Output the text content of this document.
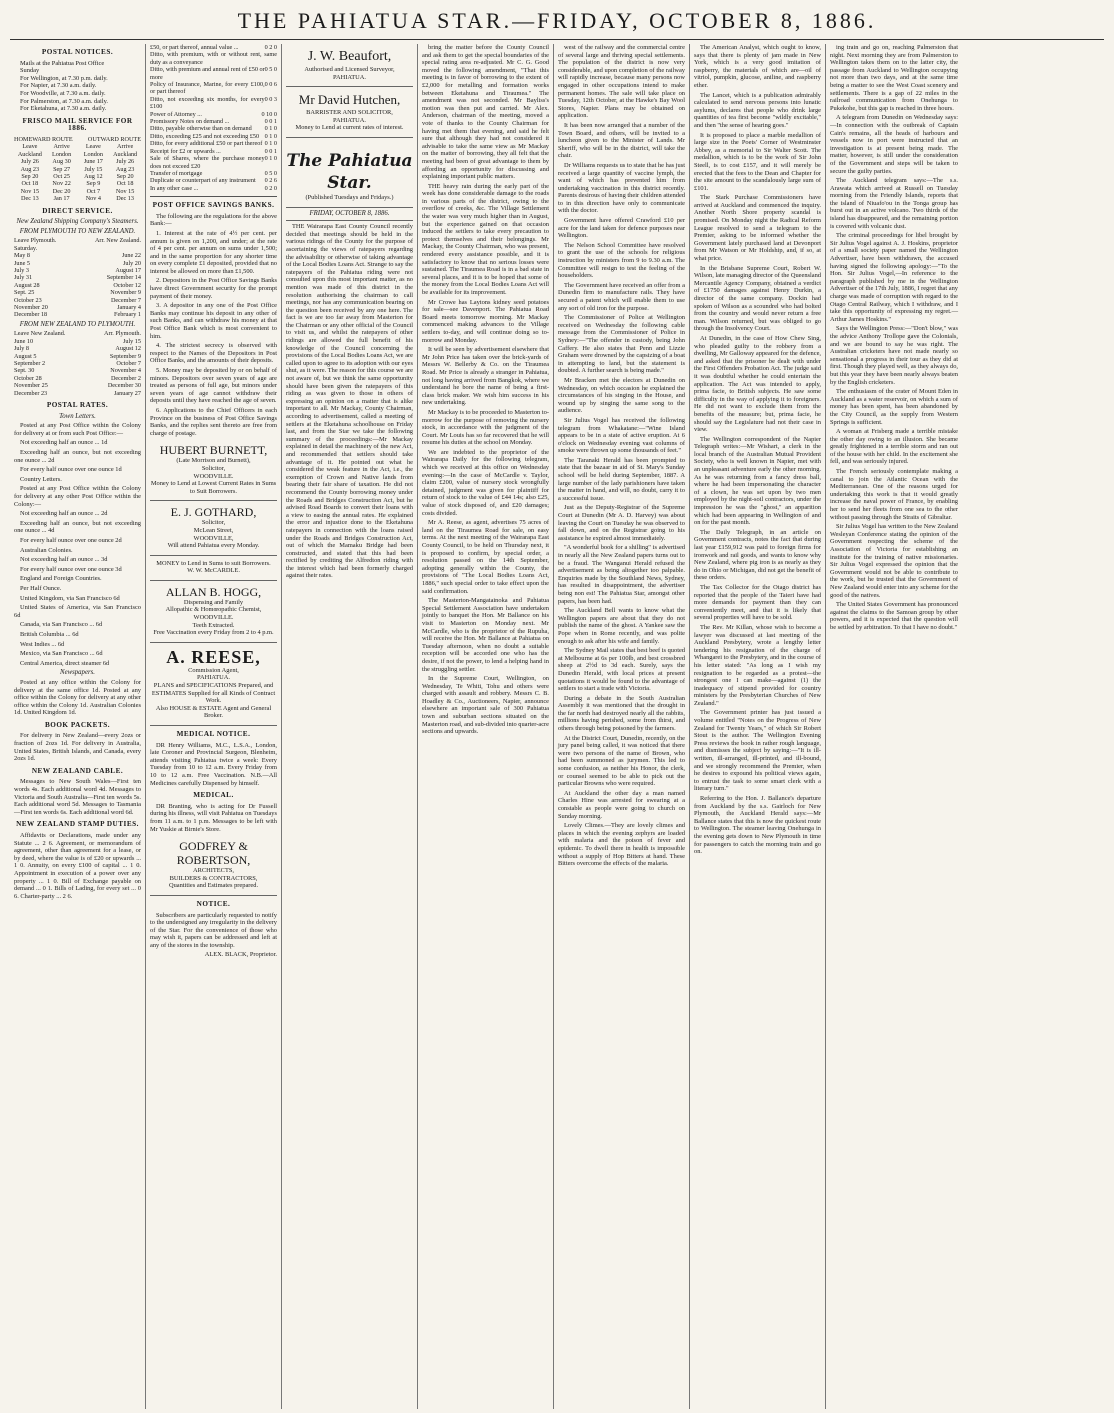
THE PAHIATUA STAR.—FRIDAY, OCTOBER 8, 1886.
POSTAL NOTICES.
Mails at the Pahiatua Post Office
Sunday
For Wellington, at 7.30 p.m. daily.
For Napier, at 7.30 a.m. daily.
For Woodville, at 7.30 a.m. daily.
For Palmerston, at 7.30 a.m. daily.
For Eketahuna, at 7.30 a.m. daily.
FRISCO MAIL SERVICE FOR 1886.
HOMEWARD ROUTE OUTWARD ROUTE
Leave	Arrive	Leave	Arrive
Auckland	London	London	Auckland
July 26	Aug 30	June 17	July 26
Aug 23	Sep 27	July 15	Aug 23
Sep 20	Oct 25	Aug 12	Sep 20
Oct 18	Nov 22	Sep 9	Oct 18
Nov 15	Dec 20	Oct 7	Nov 15
Dec 13	Jan 17	Nov 4	Dec 13
DIRECT SERVICE.
New Zealand Shipping Company's Steamers.
FROM PLYMOUTH TO NEW ZEALAND.
Leave Plymouth.	Arr. New Zealand.
Saturday.
May 8	June 22
June 5	July 20
July 3	August 17
July 31	September 14
August 28	October 12
Sept. 25	November 9
October 23	December 7
November 20	January 4
December 18	February 1
FROM NEW ZEALAND TO PLYMOUTH.
Leave New Zealand.	Arr. Plymouth.
June 10	July 15
July 8	August 12
August 5	September 9
September 2	October 7
Sept. 30	November 4
October 28	December 2
November 25	December 30
December 23	January 27
POSTAL RATES.
Town Letters.

Posted at any Post Office within the Colony for delivery at or from such Post Office:—

Not exceeding half an ounce ... 1d

Exceeding half an ounce, but not exceeding one ounce ... 2d

For every half ounce over one ounce 1d

Country Letters.

Posted at any Post Office within the Colony for delivery at any other Post Office within the Colony:—

Not exceeding half an ounce ... 2d

Exceeding half an ounce, but not exceeding one ounce ... 4d

For every half ounce over one ounce 2d

Australian Colonies.

Not exceeding half an ounce ... 3d

For every half ounce over one ounce 3d

England and Foreign Countries.

Per Half Ounce.

United Kingdom, via San Francisco 6d

United States of America, via San Francisco 6d

Canada, via San Francisco ... 6d

British Columbia ... 6d

West Indies ... 6d

Mexico, via San Francisco ... 6d

Central America, direct steamer 6d

Newspapers.

Posted at any office within the Colony for delivery at the same office 1d. Posted at any office within the Colony for delivery at any other office within the Colony 1d. Australian Colonies 1d. United Kingdom 1d.

BOOK PACKETS.

For delivery in New Zealand—every 2ozs or fraction of 2ozs 1d. For delivery in Australia, United States, British Islands, and Canada, every 2ozs 1d.

NEW ZEALAND CABLE.

Messages to New South Wales—First ten words 4s. Each additional word 4d. Messages to Victoria and South Australia—First ten words 5s. Each additional word 5d. Messages to Tasmania—First ten words 6s. Each additional word 6d.

NEW ZEALAND STAMP DUTIES.

Affidavits or Declarations, made under any Statute ... 2 6. Agreement, or memorandum of agreement, other than agreement for a lease, or by deed, where the value is of £20 or upwards ... 1 0. Annuity, on every £100 of capital ... 1 0. Appointment in execution of a power over any property ... 1 0. Bill of Exchange payable on demand ... 0 1. Bills of Lading, for every set ... 0 6. Charter-party ... 2 6.

£50, or part thereof, annual value ...	0 2 0
Ditto, with premium, with or without rent, same duty as a conveyance
Ditto, with premium and annual rent of £50 or more
0 5 0
Policy of Insurance, Marine, for every £100, or part thereof
0 0 6
Ditto, not exceeding six months, for every £100
0 0 3
Power of Attorney ...	0 10 0
Promissory Notes on demand ...	0 0 1
Ditto, payable otherwise than on demand	0 1 0
Ditto, exceeding £25 and not exceeding £50 0 1 0
Ditto, for every additional £50 or part thereof 0 1 0
Receipt for £2 or upwards ...	0 0 1
Sale of Shares, where the purchase money does not exceed £20
0 1 0
Transfer of mortgage	0 5 0
Duplicate or counterpart of any instrument	0 2 6
In any other case ...	0 2 0
POST OFFICE SAVINGS BANKS.

The following are the regulations for the above Bank:—

1. Interest at the rate of 4½ per cent. per annum is given on 1,200, and under; at the rate of 4 per cent. per annum on sums under 1,500; and in the same proportion for any shorter time on every complete £1 deposited, provided that no interest be allowed on more than £1,500.

2. Depositors in the Post Office Savings Banks have direct Government security for the prompt payment of their money.

3. A depositor in any one of the Post Office Banks may continue his deposit in any other of such Banks, and can withdraw his money at that Post Office Bank which is most convenient to him.

4. The strictest secrecy is observed with respect to the Names of the Depositors in Post Office Banks, and the amounts of their deposits.

5. Money may be deposited by or on behalf of minors. Depositors over seven years of age are treated as persons of full age, but minors under seven years of age cannot withdraw their deposits until they have reached the age of seven.

6. Applications to the Chief Officers in each Province on the business of Post Office Savings Banks, and the replies sent thereto are free from charge of postage.

HUBERT BURNETT,
(Late Morrison and Burnett),
Solicitor,
WOODVILLE.
Money to Lend at Lowest Current Rates in Sums to Suit Borrowers.
E. J. GOTHARD,
Solicitor,
McLean Street,
WOODVILLE,
Will attend Pahiatua every Monday.
MONEY to Lend in Sums to suit Borrowers.
W. W. McCARDLE.
ALLAN B. HOGG,
Dispensing and Family
Allopathic & Homœopathic Chemist,
WOODVILLE.
Teeth Extracted.
Free Vaccination every Friday from 2 to 4 p.m.
A. REESE,
Commission Agent,
PAHIATUA.
PLANS and SPECIFICATIONS Prepared, and ESTIMATES Supplied for all Kinds of Contract Work.
Also HOUSE & ESTATE Agent and General Broker.
MEDICAL NOTICE.

DR Henry Williams, M.C., L.S.A., London, late Coroner and Provincial Surgeon, Blenheim, attends visiting Pahiatua twice a week: Every Tuesday from 10 to 12 a.m. Every Friday from 10 to 12 a.m. Free Vaccination. N.B.—All Medicines carefully Dispensed by himself.

MEDICAL.

DR Branting, who is acting for Dr Fussell during his illness, will visit Pahiatua on Tuesdays from 11 a.m. to 1 p.m. Messages to be left with Mr Yuskie at Birnie's Store.

GODFREY & ROBERTSON,
ARCHITECTS,
BUILDERS & CONTRACTORS,
Quantities and Estimates prepared.
NOTICE.

Subscribers are particularly requested to notify to the undersigned any irregularity in the delivery of the Star. For the convenience of those who may wish it, papers can be addressed and left at any of the stores in the township.

ALEX. BLACK, Proprietor.

J. W. Beaufort,
Authorised and Licensed Surveyor,
PAHIATUA.
Mr David Hutchen,
BARRISTER AND SOLICITOR,
PAHIATUA.
Money to Lend at current rates of interest.
The Pahiatua Star.
(Published Tuesdays and Fridays.)
FRIDAY, OCTOBER 8, 1886.

THE Wairarapa East County Council recently decided that meetings should be held in the various ridings of the County for the purpose of ascertaining the views of ratepayers regarding the advisability or otherwise of taking advantage of the Local Bodies Loans Act. Strange to say the ratepayers of the Pahiatua riding were not consulted upon this most important matter, as no mention was made of this district in the resolution authorising the chairman to call meetings, nor has any communication bearing on the question been received by any one here. The fact is we are too far away from Masterton for the Chairman or any other official of the Council to visit us, and whilst the ratepayers of other ridings are allowed the full benefit of his knowledge of the Council concerning the provisions of the Local Bodies Loans Act, we are called upon to agree to its adoption with our eyes shut, as it were. The reason for this course we are not aware of, but we think the same opportunity should have been given the ratepayers of this riding as was given to those in others of expressing an opinion on a matter that is alike important to all. Mr Mackay, County Chairman, according to advertisement, called a meeting of settlers at the Eketahuna schoolhouse on Friday last, and from the Star we take the following summary of the proceedings:—Mr Mackay explained in detail the machinery of the new Act, and recommended that settlers should take advantage of it. He pointed out what he considered the weak feature in the Act, i.e., the exemption of Crown and Native lands from bearing their fair share of taxation. He did not recommend the County borrowing money under the Roads and Bridges Construction Act, but he advised Road Boards to convert their loans with a view to easing the annual rates. He explained the error and injustice done to the Eketahuna ratepayers in connection with the loans raised under the Roads and Bridges Construction Act, out of which the Mamaku Bridge had been constructed, and stated that this had been rectified by crediting the Alfredton riding with the interest which had been formerly charged against their rates.

bring the matter before the County Council and ask them to get the special boundaries of the special rating area re-adjusted. Mr C. G. Good moved the following amendment, "That this meeting is in favor of borrowing to the extent of £2,000 for metalling and formation works between Eketahuna and Tiraumea." The amendment was not seconded. Mr Bayliss's motion was then put and carried. Mr Alex. Anderson, chairman of the meeting, moved a vote of thanks to the County Chairman for having met them that evening, and said he felt sure that although they had not considered it advisable to take the same view as Mr Mackay on the matter of borrowing, they all felt that the meeting had been of great advantage to them by affording an opportunity for discussing and explaining important public matters.

THE heavy rain during the early part of the week has done considerable damage to the roads in various parts of the district, owing to the overflow of creeks, &c. The Village Settlement the water was very much higher than in August, but the experience gained on that occasion induced the settlers to take every precaution to protect themselves and their belongings. Mr Mackay, the County Chairman, who was present, rendered every assistance possible, and it is satisfactory to know that no serious losses were sustained. The Tiraumea Road is in a bad state in several places, and it is to be hoped that some of the money from the Local Bodies Loans Act will be available for its improvement.

Mr Crowe has Laytons kidney seed potatoes for sale—see Davenport. The Pahiatua Road Board meets tomorrow morning. Mr Mackay commenced making advances to the Village settlers to-day, and will continue doing so to-morrow and Monday.

It will be seen by advertisement elsewhere that Mr John Price has taken over the brick-yards of Messrs W. Bellerby & Co. on the Tiraumea Road. Mr Price is already a stranger in Pahiatua, not long having arrived from Bangkok, where we understand he bore the name of being a first-class brick maker. We wish him success in his new undertaking.

Mr Mackay is to be proceeded to Masterton to-morrow for the purpose of removing the nursery stock, in accordance with the judgment of the Court. Mr Louis has so far recovered that he will resume his duties at the school on Monday.

We are indebted to the proprietor of the Wairarapa Daily for the following telegram, which we received at this office on Wednesday evening:—In the case of McCardle v. Taylor, claim £200, value of nursery stock wrongfully detained, judgment was given for plaintiff for return of stock to the value of £44 14s; also £25, value of stock disposed of, and £20 damages; costs divided.

Mr A. Reese, as agent, advertises 75 acres of land on the Tiraumea Road for sale, on easy terms. At the next meeting of the Wairarapa East County Council, to be held on Thursday next, it is proposed to confirm, by special order, a resolution passed on the 14th September, adopting generally within the County, the provisions of "The Local Bodies Loans Act, 1886," such special order to take effect upon the said confirmation.

The Masterton-Mangatainoka and Pahiatua Special Settlement Association have undertaken jointly to banquet the Hon. Mr Ballance on his visit to Masterton on Monday next. Mr McCardle, who is the proprietor of the Rupuha, will receive the Hon. Mr Ballance at Pahiatua on Tuesday afternoon, when no doubt a suitable reception will be accorded one who has the desire, if not the power, to lend a helping hand in the struggling settler.

In the Supreme Court, Wellington, on Wednesday, Te Whiti, Tohu and others were charged with assault and robbery. Messrs C. B. Hoadley & Co., Auctioneers, Napier, announce elsewhere an important sale of 300 Pahiatua town and suburban sections situated on the Masterton road, and sub-divided into quarter-acre sections and upwards.

west of the railway and the commercial centre of several large and thriving special settlements. The population of the district is now very considerable, and upon completion of the railway will rapidly increase, because many persons now engaged in other occupations intend to make permanent homes. The sale will take place on Tuesday, 12th October, at the Hawke's Bay Wool Stores, Napier. Plans may be obtained on application.

It has been now arranged that a number of the Town Board, and others, will be invited to a luncheon given to the Minister of Lands. Mr Sheriff, who will be in the district, will take the chair.

Dr Williams requests us to state that he has just received a large quantity of vaccine lymph, the want of which has prevented him from undertaking vaccination in this district recently. Parents desirous of having their children attended to in this direction have only to communicate with the doctor.

Government have offered Crawford £10 per acre for the land taken for defence purposes near Wellington.

The Nelson School Committee have resolved to grant the use of the schools for religious instruction by ministers from 9 to 9.30 a.m. The Committee will resign to test the feeling of the householders.

The Government have received an offer from a Dunedin firm to manufacture rails. They have secured a patent which will enable them to use any sort of old iron for the purpose.

The Commissioner of Police at Wellington received on Wednesday the following cable message from the Commissioner of Police in Sydney:—"The offender in custody, being John Caffery. He also states that Penn and Lizzie Graham were drowned by the capsizing of a boat in attempting to land, but the statement is doubted. A further search is being made."

Mr Bracken met the electors at Dunedin on Wednesday, on which occasion he explained the circumstances of his singing in the House, and wound up by singing the same song to the audience.

Sir Julius Vogel has received the following telegram from Whakatane:—"Wine Island appears to be in a state of active eruption. At 6 o'clock on Wednesday evening vast columns of smoke were thrown up some thousands of feet."

The Taranaki Herald has been prompted to state that the bazaar in aid of St. Mary's Sunday school will be held during September, 1887. A large number of the lady parishioners have taken the matter in hand, and will, no doubt, carry it to a successful issue.

Just as the Deputy-Registrar of the Supreme Court at Dunedin (Mr A. D. Harvey) was about leaving the Court on Tuesday he was observed to fall down, and on the Registrar going to his assistance he expired almost immediately.

"A wonderful book for a shilling" is advertised in nearly all the New Zealand papers turns out to be a fraud. The Wanganui Herald refused the advertisement as being altogether too palpable. Enquiries made by the Southland News, Sydney, has resulted in disappointment, the advertiser being non est! The Pahiatua Star, amongst other papers, has been had.

The Auckland Bell wants to know what the Wellington papers are about that they do not publish the name of the ghost. A Yankee saw the Pope when in Rome recently, and was polite enough to ask after his wife and family.

The Sydney Mail states that best beef is quoted at Melbourne at 6s per 100lb, and best crossbred sheep at 2½d to 3d each. Surely, says the Dunedin Herald, with local prices at present quotations it would be found to the advantage of settlers to start a trade with Victoria.

During a debate in the South Australian Assembly it was mentioned that the drought in the far north had destroyed nearly all the rabbits, millions having perished, some from thirst, and others through being poisoned by the farmers.

At the District Court, Dunedin, recently, on the jury panel being called, it was noticed that there were two persons of the name of Brown, who had been summoned as jurymen. This led to some confusion, as neither his Honor, the clerk, or counsel seemed to be able to pick out the particular Browns who were required.

At Auckland the other day a man named Charles Hine was arrested for swearing at a constable as people were going to church on Sunday morning.

Lovely Climes.—They are lovely climes and places in which the evening zephyrs are loaded with malaria and the poison of fever and epidemic. To dwell there in health is impossible without a supply of Hop Bitters at hand. These Bitters overcome the effects of the malaria.

The American Analyst, which ought to know, says that there is plenty of jam made in New York, which is a very good imitation of raspberry, the materials of which are—oil of vitriol, pumpkin, glucose, aniline, and raspberry ether.

The Lancet, which is a publication admirably calculated to send nervous persons into lunatic asylums, declares that people who drink large quantities of tea first become "wildly excitable," and then "the sense of hearing goes."

It is proposed to place a marble medallion of large size in the Poets' Corner of Westminster Abbey, as a memorial to Sir Walter Scott. The medallion, which is to be the work of Sir John Steell, is to cost £157, and it will merely be erected that the fees to the Dean and Chapter for the site amount to the scandalously large sum of £101.

The Stark Purchase Commissioners have arrived at Auckland and commenced the inquiry. Another North Shore property scandal is promised. On Monday night the Radical Reform League resolved to send a telegram to the Premier, asking to be informed whether the Government lately purchased land at Devonport from Mr Watson or Mr Holdship, and, if so, at what price.

In the Brisbane Supreme Court, Robert W. Wilson, late managing director of the Queensland Mercantile Agency Company, obtained a verdict of £1750 damages against Henry Durkin, a director of the same company. Dockin had spoken of Wilson as a scoundrel who had bolted from the country and would never return a free man. Wilson returned, but was obliged to go through the Insolvency Court.

At Dunedin, in the case of How Chew Sing, who pleaded guilty to the robbery from a dwelling, Mr Galloway appeared for the defence, and asked that the prisoner be dealt with under the First Offenders Probation Act. The judge said it was doubtful whether he could entertain the application. The Act was intended to apply, prima facie, to British subjects. He saw some difficulty in the way of applying it to foreigners. He did not want to exclude them from the benefits of the measure; but, prima facie, he should say the Legislature had not their case in view.

The Wellington correspondent of the Napier Telegraph writes:—Mr Wishart, a clerk in the local branch of the Australian Mutual Provident Society, who is well known in Napier, met with an unpleasant adventure early the other morning. As he was returning from a fancy dress ball, where he had been impersonating the character of a clown, he was set upon by two men employed by the night-soil contractors, under the impression he was the "ghost," an apparition which had been appearing in Wellington of and on for the past month.

The Daily Telegraph, in an article on Government contracts, notes the fact that during last year £159,912 was paid to foreign firms for ironwork and rail goods, and wants to know why New Zealand, where pig iron is as nearly as they do in Ohio or Michigan, did not get the benefit of these orders.

The Tax Collector for the Otago district has reported that the people of the Taieri have had more demands for payment than they can conveniently meet, and that it is likely that several properties will have to be sold.

The Rev. Mr Killan, whose wish to become a lawyer was discussed at last meeting of the Auckland Presbytery, wrote a lengthy letter tendering his resignation of the charge of Whangarei to the Presbytery, and in the course of his letter stated: "As long as I wish my resignation to be regarded as a protest—the strongest one I can make—against (1) the inadequacy of stipend provided for country ministers by the Presbyterian Churches of New Zealand."

The Government printer has just issued a volume entitled "Notes on the Progress of New Zealand for Twenty Years," of which Sir Robert Stout is the author. The Wellington Evening Press reviews the book in rather rough language, and dismisses the subject by saying:—"It is ill-written, ill-arranged, ill-printed, and ill-bound, and we strongly recommend the Premier, when he desires to expound his political views again, to entrust the task to some smart clerk with a literary turn."

Referring to the Hon. J. Ballance's departure from Auckland by the s.s. Gairloch for New Plymouth, the Auckland Herald says:—Mr Ballance states that this is now the quickest route to Wellington. The steamer leaving Onehunga in the evening gets down to New Plymouth in time for passengers to catch the morning train and go on.

ing train and go on, reaching Palmerston that night. Next morning they are from Palmerston to Wellington takes them on to the latter city, the passage from Auckland to Wellington occupying not more than two days, and at the same time being a matter to see the West Coast scenery and settlements. There is a gap of 22 miles in the railroad communication from Onehunga to Pukekohe, but this gap is reached in three hours.

A telegram from Dunedin on Wednesday says:—In connection with the outbreak of Captain Cain's remains, all the heads of harbours and vessels now in port were instructed that an investigation is at present being made. The matter, however, is still under the consideration of the Government and steps will be taken to secure the guilty parties.

The Auckland telegram says:—The s.s. Arawata which arrived at Russell on Tuesday morning from the Friendly Islands, reports that the island of Niuafo'ou in the Tonga group has burst out in an active volcano. Two thirds of the island has disappeared, and the remaining portion is covered with volcanic dust.

The criminal proceedings for libel brought by Sir Julius Vogel against A. J. Hoskins, proprietor of a small society paper named the Wellington Advertiser, have been withdrawn, the accused having signed the following apology:—"To the Hon. Sir Julius Vogel,—In reference to the paragraph published by me in the Wellington Advertiser of the 17th July, 1886, I regret that any charge was made of corruption with regard to the Otago Central Railway, which I withdraw, and I take this opportunity of expressing my regret.—Arthur James Hoskins."

Says the Wellington Press:—"Don't blow," was the advice Anthony Trollope gave the Colonials, and we are bound to say he was right. The Australian cricketers have not made nearly so sensational a progress in their tour as they did at first. Though they played well, as they always do, but this year they have been nearly always beaten by the English cricketers.

The enthusiasm of the crater of Mount Eden in Auckland as a water reservoir, on which a sum of money has been spent, has been abandoned by the City Council, as the supply from Western Springs is sufficient.

A woman at Frisberg made a terrible mistake the other day owing to an illusion. She became greatly frightened in a terrible storm and ran out of the house with her child. In the excitement she fell, and was seriously injured.

The French seriously contemplate making a canal to join the Atlantic Ocean with the Mediterranean. One of the reasons urged for undertaking this work is that it would greatly increase the naval power of France, by enabling her to send her fleets from one sea to the other without passing through the Straits of Gibraltar.

Sir Julius Vogel has written to the New Zealand Wesleyan Conference stating the opinion of the Government respecting the scheme of the Association of Victoria for establishing an institute for the training of native missionaries. Sir Julius Vogel expressed the opinion that the Government would not be able to contribute to the work, but he trusted that the Government of New Zealand would enter into any scheme for the good of the natives.

The United States Government has pronounced against the claims to the Samoan group by other powers, and it is expected that the question will be settled by arbitration. To that I have no doubt."
